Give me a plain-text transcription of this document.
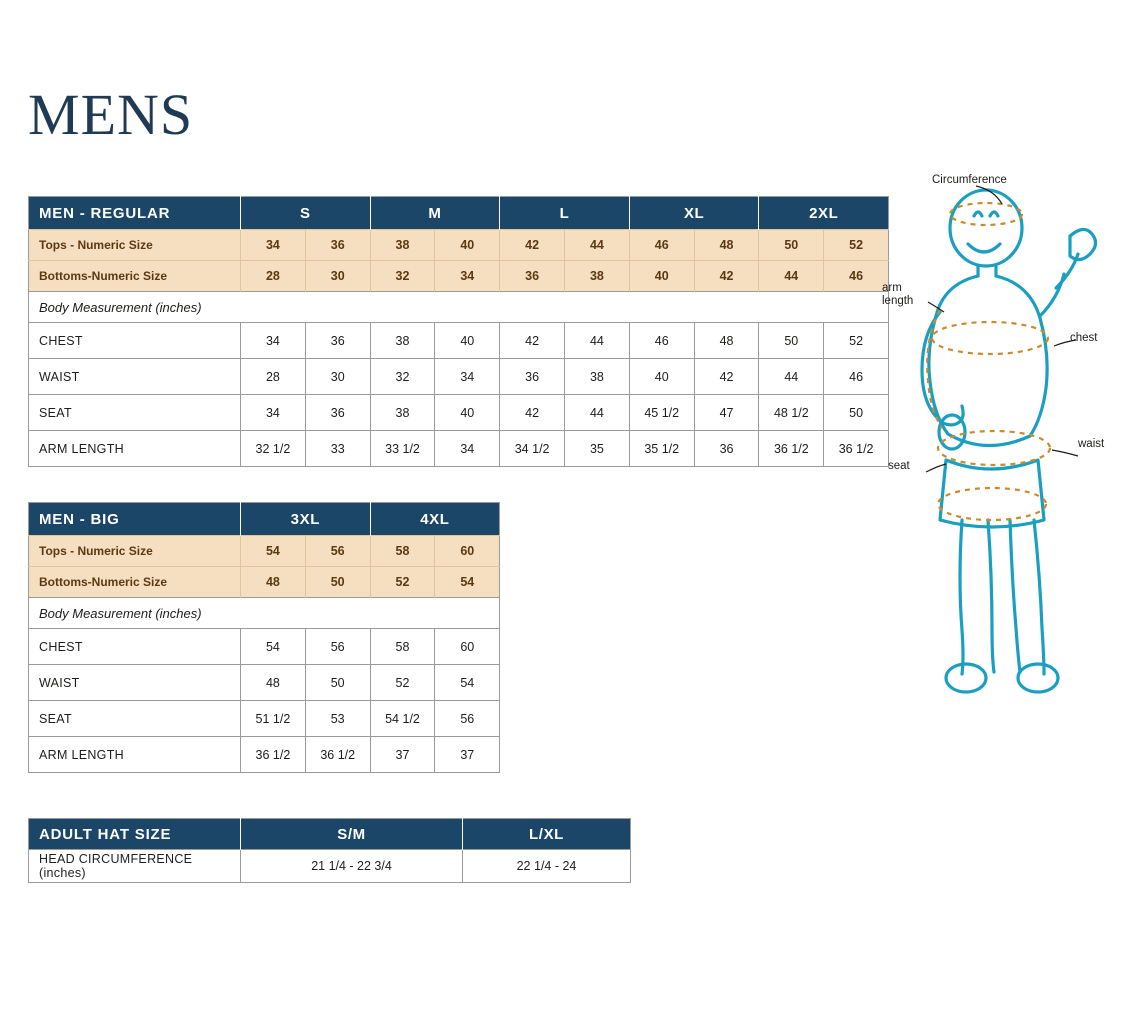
MENS
MEN - REGULAR	S		M		L		XL		2XL	
Tops - Numeric Size	34	36	38	40	42	44	46	48	50	52
Bottoms-Numeric Size	28	30	32	34	36	38	40	42	44	46
Body Measurement (inches)										
CHEST	34	36	38	40	42	44	46	48	50	52
WAIST	28	30	32	34	36	38	40	42	44	46
SEAT	34	36	38	40	42	44	45 1/2	47	48 1/2	50
ARM LENGTH	32 1/2	33	33 1/2	34	34 1/2	35	35 1/2	36	36 1/2	36 1/2
MEN - BIG	3XL		4XL	
Tops - Numeric Size	54	56	58	60
Bottoms-Numeric Size	48	50	52	54
Body Measurement (inches)				
CHEST	54	56	58	60
WAIST	48	50	52	54
SEAT	51 1/2	53	54 1/2	56
ARM LENGTH	36 1/2	36 1/2	37	37
ADULT HAT SIZE	S/M	L/XL
HEAD CIRCUMFERENCE (inches)	21 1/4 - 22 3/4	22 1/4 - 24
Circumference
arm
length
chest
waist
seat
